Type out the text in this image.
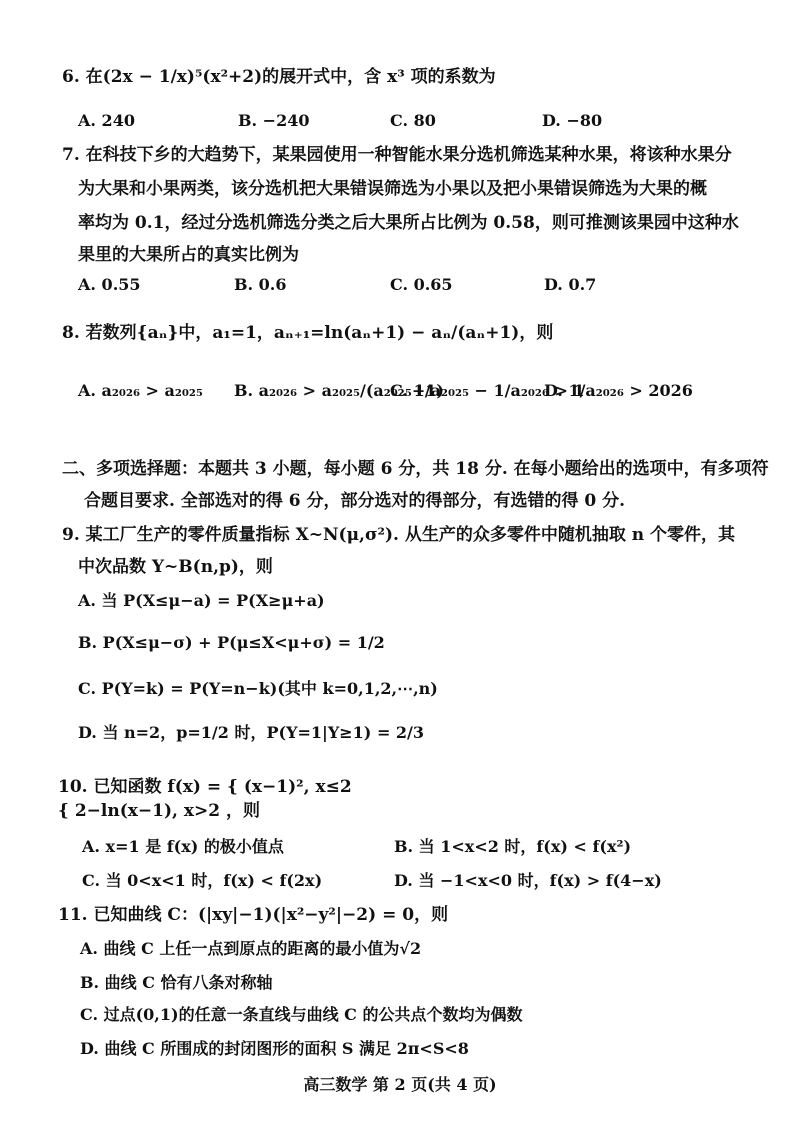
6. 在(2x − 1/x)⁵(x²+2)的展开式中，含 x³ 项的系数为
A. 240	B. −240	C. 80	D. −80
7. 在科技下乡的大趋势下，某果园使用一种智能水果分选机筛选某种水果，将该种水果分
为大果和小果两类，该分选机把大果错误筛选为小果以及把小果错误筛选为大果的概
率均为 0.1，经过分选机筛选分类之后大果所占比例为 0.58，则可推测该果园中这种水
果里的大果所占的真实比例为
A. 0.55	B. 0.6	C. 0.65	D. 0.7
8. 若数列{aₙ}中，a₁=1，aₙ₊₁=ln(aₙ+1) − aₙ/(aₙ+1)，则
A. a₂₀₂₆ > a₂₀₂₅ B. a₂₀₂₆ > a₂₀₂₅/(a₂₀₂₅+1)
C. 1/a₂₀₂₅ − 1/a₂₀₂₆ > 1
D. 1/a₂₀₂₆ > 2026
二、多项选择题：本题共 3 小题，每小题 6 分，共 18 分. 在每小题给出的选项中，有多项符
合题目要求. 全部选对的得 6 分，部分选对的得部分，有选错的得 0 分.
9. 某工厂生产的零件质量指标 X~N(μ,σ²). 从生产的众多零件中随机抽取 n 个零件，其
中次品数 Y~B(n,p)，则
A. 当 P(X≤μ−a) = P(X≥μ+a)
B. P(X≤μ−σ) + P(μ≤X<μ+σ) = 1/2
C. P(Y=k) = P(Y=n−k)(其中 k=0,1,2,⋯,n)
D. 当 n=2，p=1/2 时，P(Y=1|Y≥1) = 2/3
10. 已知函数 f(x) = { (x−1)², x≤2
{ 2−ln(x−1), x>2 ，则
A. x=1 是 f(x) 的极小值点	B. 当 1<x<2 时，f(x) < f(x²)
C. 当 0<x<1 时，f(x) < f(2x)	D. 当 −1<x<0 时，f(x) > f(4−x)
11. 已知曲线 C：(|xy|−1)(|x²−y²|−2) = 0，则
A. 曲线 C 上任一点到原点的距离的最小值为√2
B. 曲线 C 恰有八条对称轴
C. 过点(0,1)的任意一条直线与曲线 C 的公共点个数均为偶数
D. 曲线 C 所围成的封闭图形的面积 S 满足 2π<S<8
高三数学 第 2 页(共 4 页)
